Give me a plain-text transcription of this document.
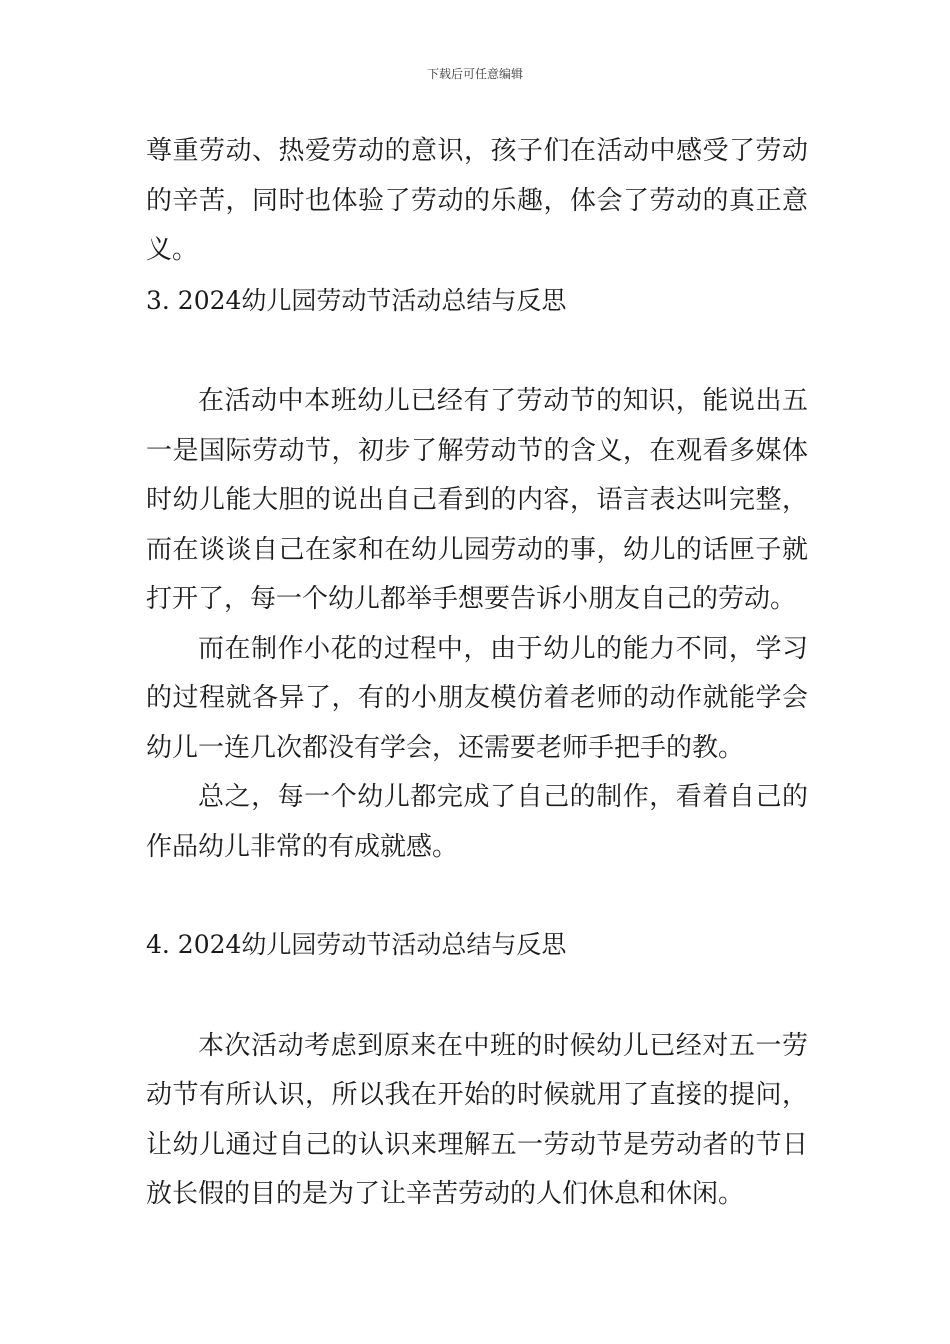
下载后可任意编辑

尊重劳动、热爱劳动的意识，孩子们在活动中感受了劳动的辛苦，同时也体验了劳动的乐趣，体会了劳动的真正意义。

3. 2024幼儿园劳动节活动总结与反思

在活动中本班幼儿已经有了劳动节的知识，能说出五一是国际劳动节，初步了解劳动节的含义，在观看多媒体时幼儿能大胆的说出自己看到的内容，语言表达叫完整，而在谈谈自己在家和在幼儿园劳动的事，幼儿的话匣子就打开了，每一个幼儿都举手想要告诉小朋友自己的劳动。

而在制作小花的过程中，由于幼儿的能力不同，学习的过程就各异了，有的小朋友模仿着老师的动作就能学会幼儿一连几次都没有学会，还需要老师手把手的教。

总之，每一个幼儿都完成了自己的制作，看着自己的作品幼儿非常的有成就感。

4. 2024幼儿园劳动节活动总结与反思

本次活动考虑到原来在中班的时候幼儿已经对五一劳动节有所认识，所以我在开始的时候就用了直接的提问，让幼儿通过自己的认识来理解五一劳动节是劳动者的节日放长假的目的是为了让辛苦劳动的人们休息和休闲。
